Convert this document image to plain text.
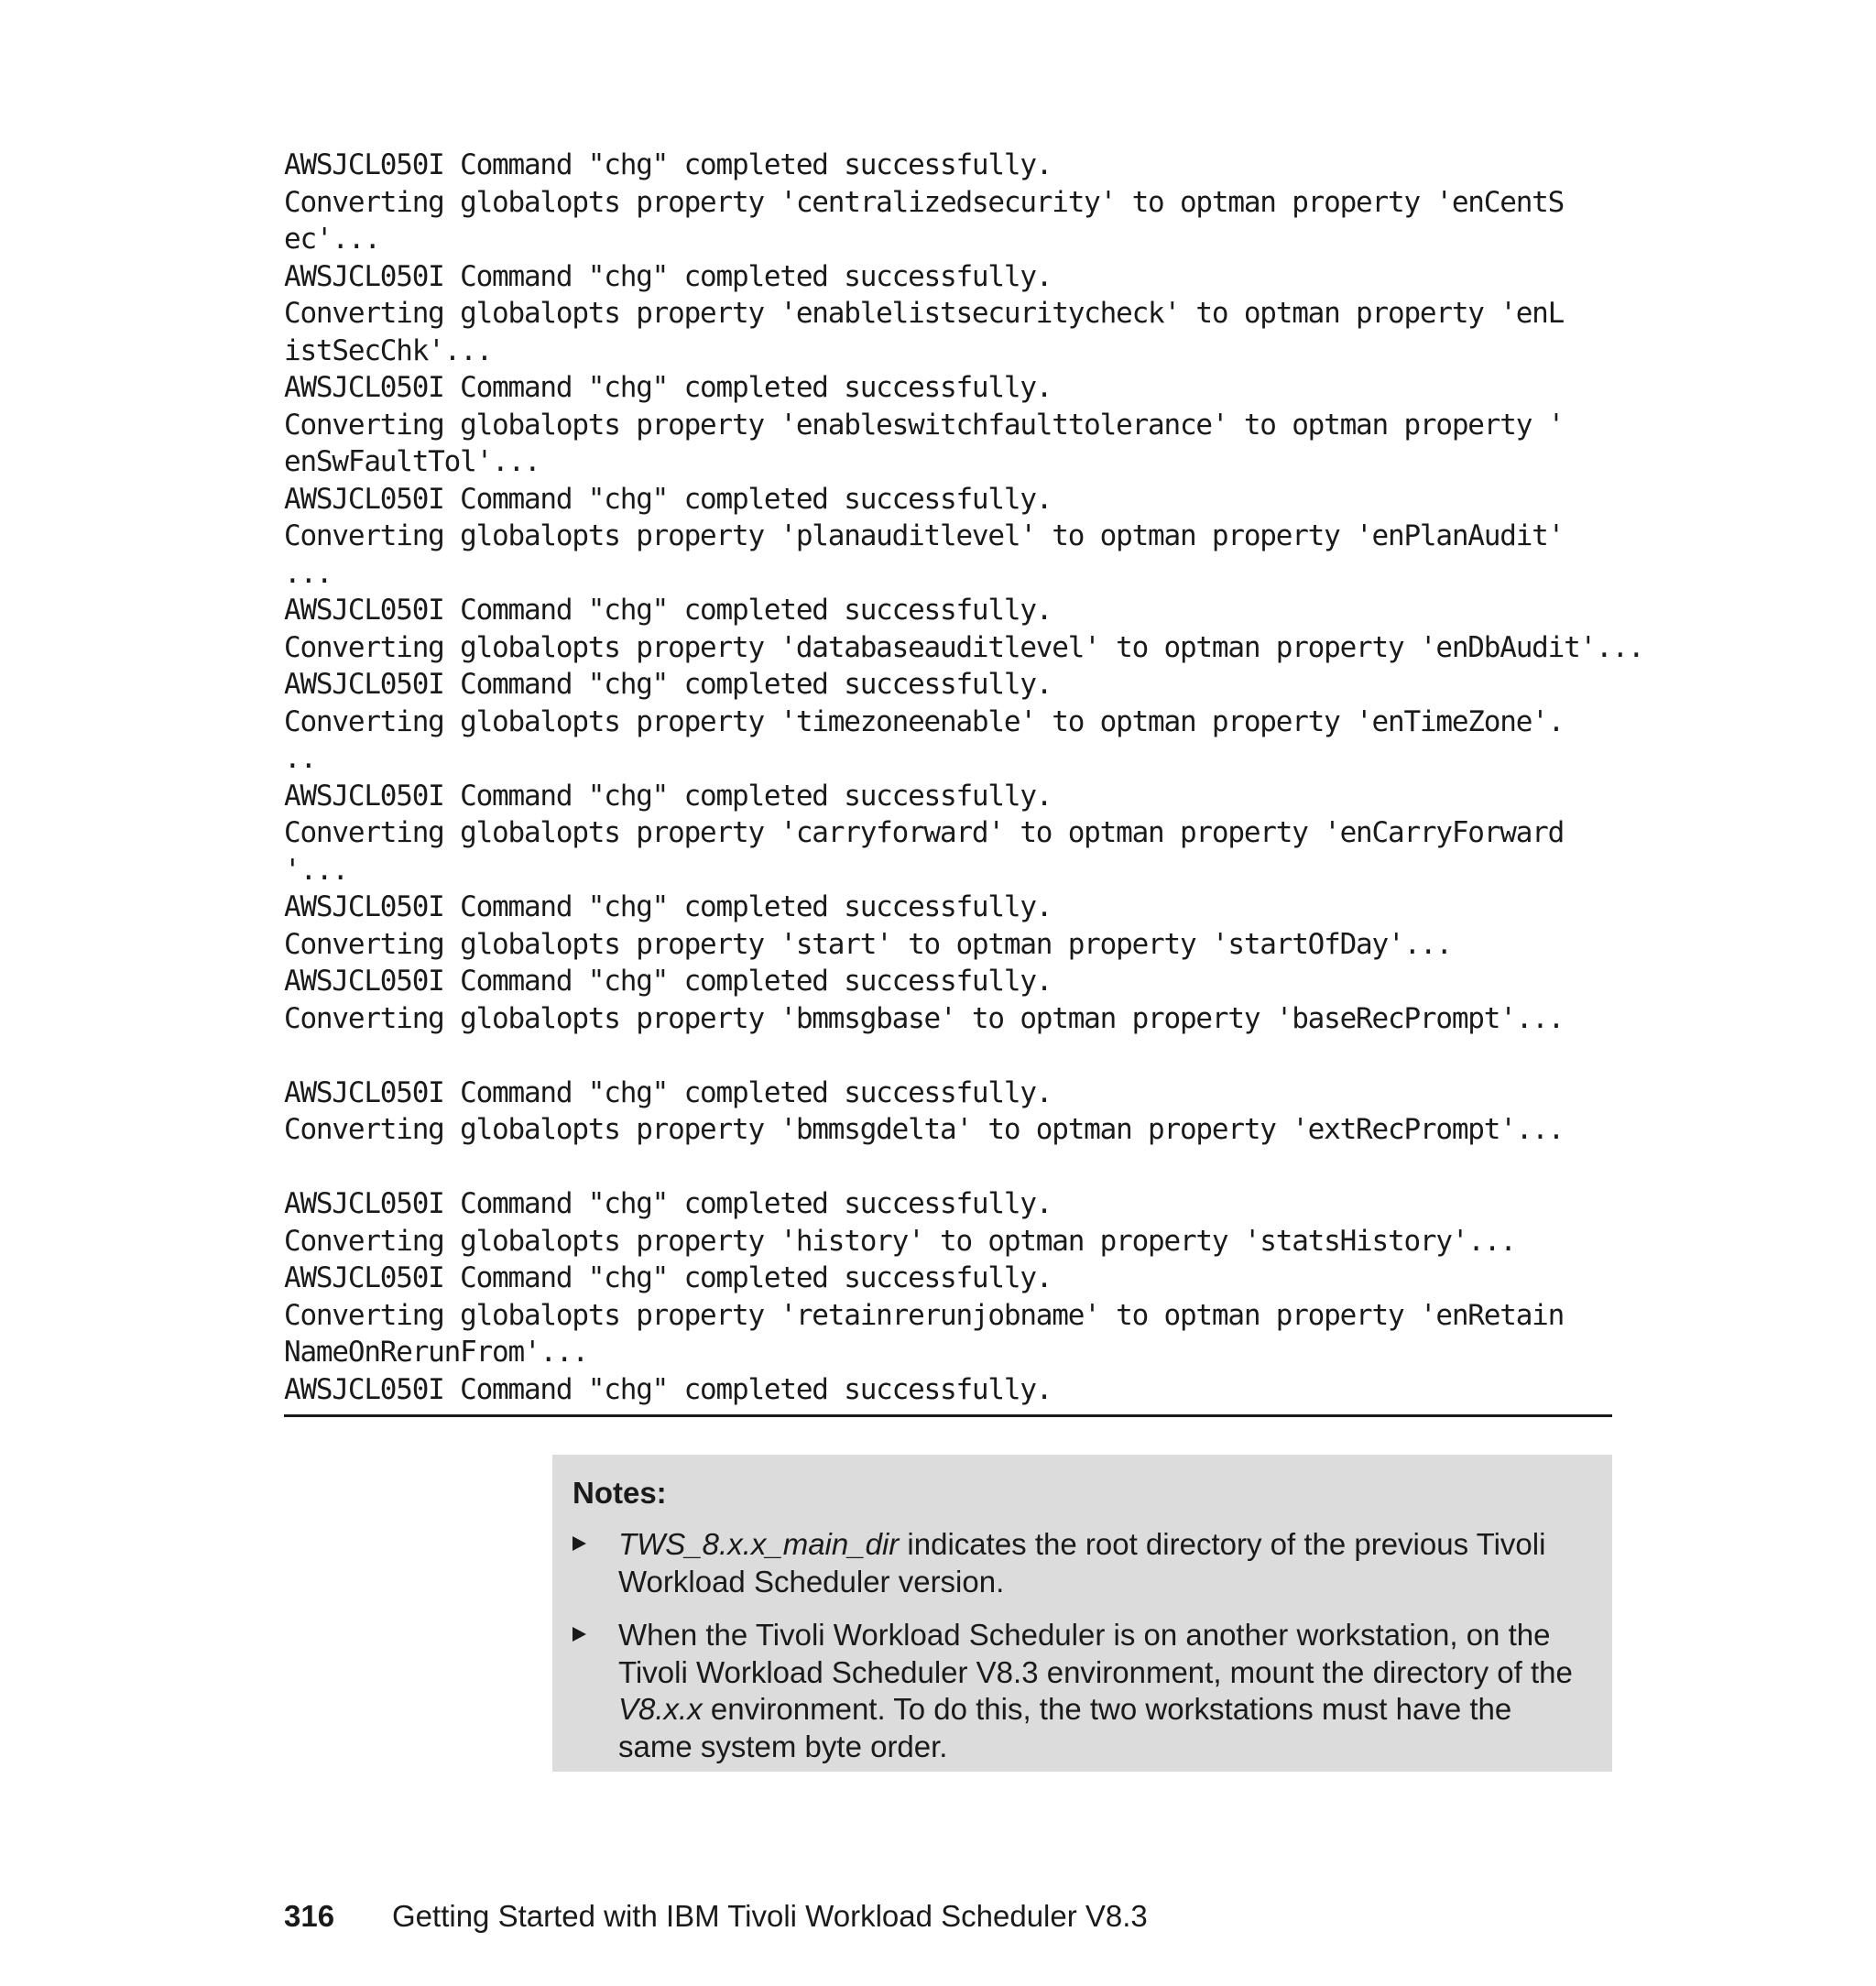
AWSJCL050I Command "chg" completed successfully.
Converting globalopts property 'centralizedsecurity' to optman property 'enCentS
ec'...
AWSJCL050I Command "chg" completed successfully.
Converting globalopts property 'enablelistsecuritycheck' to optman property 'enL
istSecChk'...
AWSJCL050I Command "chg" completed successfully.
Converting globalopts property 'enableswitchfaulttolerance' to optman property '
enSwFaultTol'...
AWSJCL050I Command "chg" completed successfully.
Converting globalopts property 'planauditlevel' to optman property 'enPlanAudit'
...
AWSJCL050I Command "chg" completed successfully.
Converting globalopts property 'databaseauditlevel' to optman property 'enDbAudit'...
AWSJCL050I Command "chg" completed successfully.
Converting globalopts property 'timezoneenable' to optman property 'enTimeZone'.
..
AWSJCL050I Command "chg" completed successfully.
Converting globalopts property 'carryforward' to optman property 'enCarryForward
'...
AWSJCL050I Command "chg" completed successfully.
Converting globalopts property 'start' to optman property 'startOfDay'...
AWSJCL050I Command "chg" completed successfully.
Converting globalopts property 'bmmsgbase' to optman property 'baseRecPrompt'...
AWSJCL050I Command "chg" completed successfully.
Converting globalopts property 'bmmsgdelta' to optman property 'extRecPrompt'...
AWSJCL050I Command "chg" completed successfully.
Converting globalopts property 'history' to optman property 'statsHistory'...
AWSJCL050I Command "chg" completed successfully.
Converting globalopts property 'retainrerunjobname' to optman property 'enRetain
NameOnRerunFrom'...
AWSJCL050I Command "chg" completed successfully.
Notes:
TWS_8.x.x_main_dir indicates the root directory of the previous Tivoli Workload Scheduler version.
When the Tivoli Workload Scheduler is on another workstation, on the Tivoli Workload Scheduler V8.3 environment, mount the directory of the V8.x.x environment. To do this, the two workstations must have the same system byte order.
316 Getting Started with IBM Tivoli Workload Scheduler V8.3
